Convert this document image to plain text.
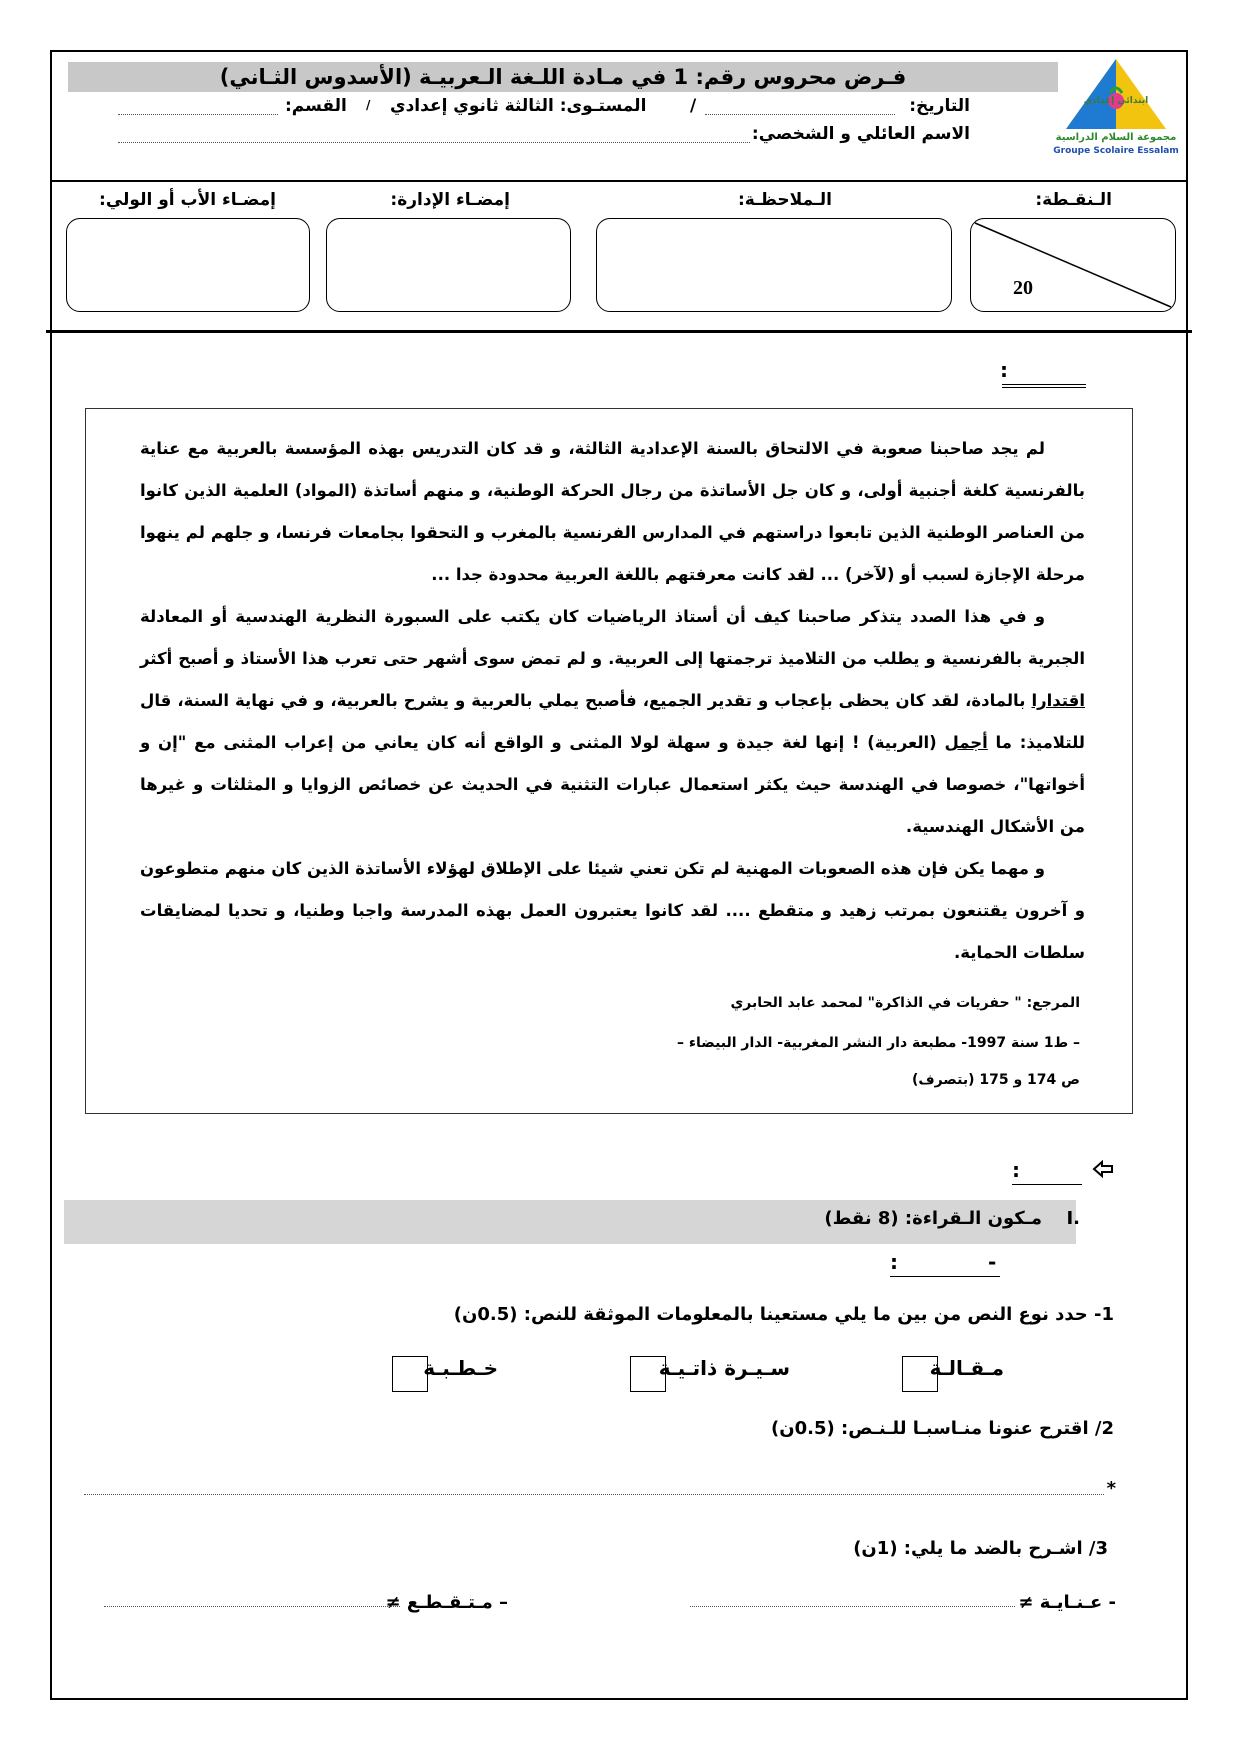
ابتدائي إعدادي
مجموعة السلام الدراسية
Groupe Scolaire Essalam
فـرض محروس رقم: 1 في مـادة اللـغة الـعربيـة (الأسدوس الثـاني)
التاريخ:
/
المستـوى: الثالثة ثانوي إعدادي
/
القسم:
الاسم العائلي و الشخصي:
الـنقـطة:
الـملاحظـة:
إمضـاء الإدارة:
إمضـاء الأب أو الولي:
20
:
لم يجد صاحبنا صعوبة في الالتحاق بالسنة الإعدادية الثالثة، و قد كان التدريس بهذه المؤسسة بالعربية مع عناية بالفرنسية كلغة أجنبية أولى، و كان جل الأساتذة من رجال الحركة الوطنية، و منهم أساتذة (المواد) العلمية الذين كانوا من العناصر الوطنية الذين تابعوا دراستهم في المدارس الفرنسية بالمغرب و التحقوا بجامعات فرنسا، و جلهم لم ينهوا مرحلة الإجازة لسبب أو (لآخر) ... لقد كانت معرفتهم باللغة العربية محدودة جدا ...
و في هذا الصدد يتذكر صاحبنا كيف أن أستاذ الرياضيات كان يكتب على السبورة النظرية الهندسية أو المعادلة الجبرية بالفرنسية و يطلب من التلاميذ ترجمتها إلى العربية. و لم تمض سوى أشهر حتى تعرب هذا الأستاذ و أصبح أكثر اقتدارا بالمادة، لقد كان يحظى بإعجاب و تقدير الجميع، فأصبح يملي بالعربية و يشرح بالعربية، و في نهاية السنة، قال للتلاميذ: ما أجمل (العربية) ! إنها لغة جيدة و سهلة لولا المثنى و الواقع أنه كان يعاني من إعراب المثنى مع "إن و أخواتها"، خصوصا في الهندسة حيث يكثر استعمال عبارات التثنية في الحديث عن خصائص الزوايا و المثلثات و غيرها من الأشكال الهندسية.
و مهما يكن فإن هذه الصعوبات المهنية لم تكن تعني شيئا على الإطلاق لهؤلاء الأساتذة الذين كان منهم متطوعون و آخرون يقتنعون بمرتب زهيد و متقطع .... لقد كانوا يعتبرون العمل بهذه المدرسة واجبا وطنيا، و تحديا لمضايقات سلطات الحماية.
المرجع: " حفريات في الذاكرة" لمحمد عابد الحابري
– ط1 سنة 1997- مطبعة دار النشر المغربية- الدار البيضاء –
ص 174 و 175 (بتصرف)
:
I.
مـكون الـقراءة: (8 نقط)
:	-
1- حدد نوع النص من بين ما يلي مستعينا بالمعلومات الموثقة للنص: (0.5ن)
مـقـالـة
سـيـرة ذاتـيـة
خـطـبـة
2/ اقترح عنونا منـاسبـا للـنـص: (0.5ن)
*
3/ اشـرح بالضد ما يلي: (1ن)
- عـنـايـة ≠
– مـتـقـطـع ≠
